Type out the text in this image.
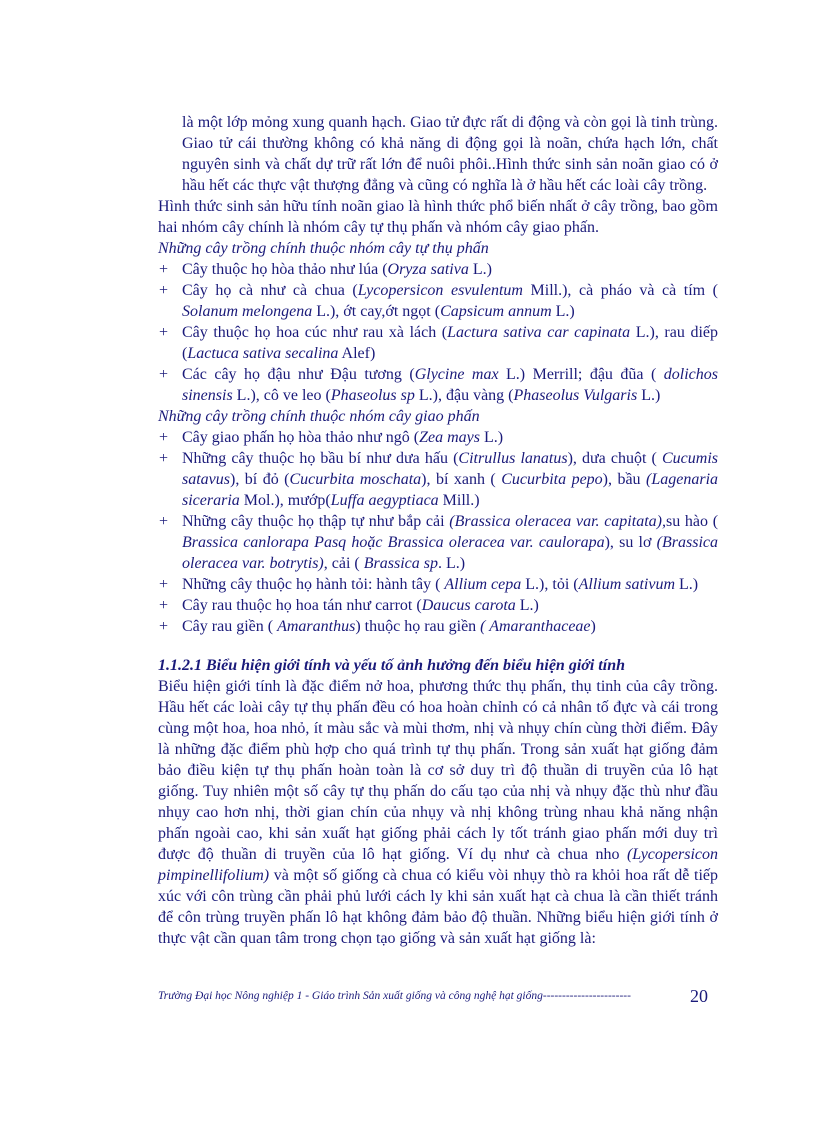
là một lớp mỏng xung quanh hạch. Giao tử đực rất di động và còn gọi là tinh trùng. Giao tử cái thường không có khả năng di động gọi là noãn, chứa hạch lớn, chất nguyên sinh và chất dự trữ rất lớn để nuôi phôi..Hình thức sinh sản noãn giao có ở hầu hết các thực vật thượng đẳng và cũng có nghĩa là ở hầu hết các loài cây trồng.

Hình thức sinh sản hữu tính noãn giao là hình thức phổ biến nhất ở cây trồng, bao gồm hai nhóm cây chính là nhóm cây tự thụ phấn và nhóm cây giao phấn.

Những cây trồng chính thuộc nhóm cây tự thụ phấn

+ Cây thuộc họ hòa thảo như lúa (Oryza sativa L.)
+ Cây họ cà như cà chua (Lycopersicon esvulentum Mill.), cà pháo và cà tím ( Solanum melongena L.), ớt cay,ớt ngọt (Capsicum annum L.)
+ Cây thuộc họ hoa cúc như rau xà lách (Lactura sativa car capinata L.), rau diếp (Lactuca sativa secalina Alef)
+ Các cây họ đậu như Đậu tương (Glycine max L.) Merrill; đậu đũa ( dolichos sinensis L.), cô ve leo (Phaseolus sp L.), đậu vàng (Phaseolus Vulgaris L.)

Những cây trồng chính thuộc nhóm cây giao phấn

+ Cây giao phấn họ hòa thảo như ngô (Zea mays L.)
+ Những cây thuộc họ bầu bí như dưa hấu (Citrullus lanatus), dưa chuột ( Cucumis satavus), bí đỏ (Cucurbita moschata), bí xanh ( Cucurbita pepo), bầu (Lagenaria siceraria Mol.), mướp(Luffa aegyptiaca Mill.)
+ Những cây thuộc họ thập tự như bắp cải (Brassica oleracea var. capitata),su hào ( Brassica canlorapa Pasq hoặc Brassica oleracea var. caulorapa), su lơ (Brassica oleracea var. botrytis), cải ( Brassica sp. L.)
+ Những cây thuộc họ hành tỏi: hành tây ( Allium cepa L.), tỏi (Allium sativum L.)
+ Cây rau thuộc họ hoa tán như carrot (Daucus carota L.)
+ Cây rau giền ( Amaranthus) thuộc họ rau giền ( Amaranthaceae)

1.1.2.1 Biểu hiện giới tính và yếu tố ảnh hưởng đến biểu hiện giới tính

Biểu hiện giới tính là đặc điểm nở hoa, phương thức thụ phấn, thụ tinh của cây trồng. Hầu hết các loài cây tự thụ phấn đều có hoa hoàn chỉnh có cả nhân tố đực và cái trong cùng một hoa, hoa nhỏ, ít màu sắc và mùi thơm, nhị và nhụy chín cùng thời điểm. Đây là những đặc điểm phù hợp cho quá trình tự thụ phấn. Trong sản xuất hạt giống đảm bảo điều kiện tự thụ phấn hoàn toàn là cơ sở duy trì độ thuần di truyền của lô hạt giống. Tuy nhiên một số cây tự thụ phấn do cấu tạo của nhị và nhụy đặc thù như đầu nhụy cao hơn nhị, thời gian chín của nhụy và nhị không trùng nhau khả năng nhận phấn ngoài cao, khi sản xuất hạt giống phải cách ly tốt tránh giao phấn mới duy trì được độ thuần di truyền của lô hạt giống. Ví dụ như cà chua nho (Lycopersicon pimpinellifolium) và một số giống cà chua có kiểu vòi nhụy thò ra khỏi hoa rất dễ tiếp xúc với côn trùng cần phải phủ lưới cách ly khi sản xuất hạt cà chua là cần thiết tránh để côn trùng truyền phấn lô hạt không đảm bảo độ thuần. Những biểu hiện giới tính ở thực vật cần quan tâm trong chọn tạo giống và sản xuất hạt giống là:

Trường Đại học Nông nghiệp 1 - Giáo trình Sản xuất giống và công nghệ hạt giống-----------------------	20
